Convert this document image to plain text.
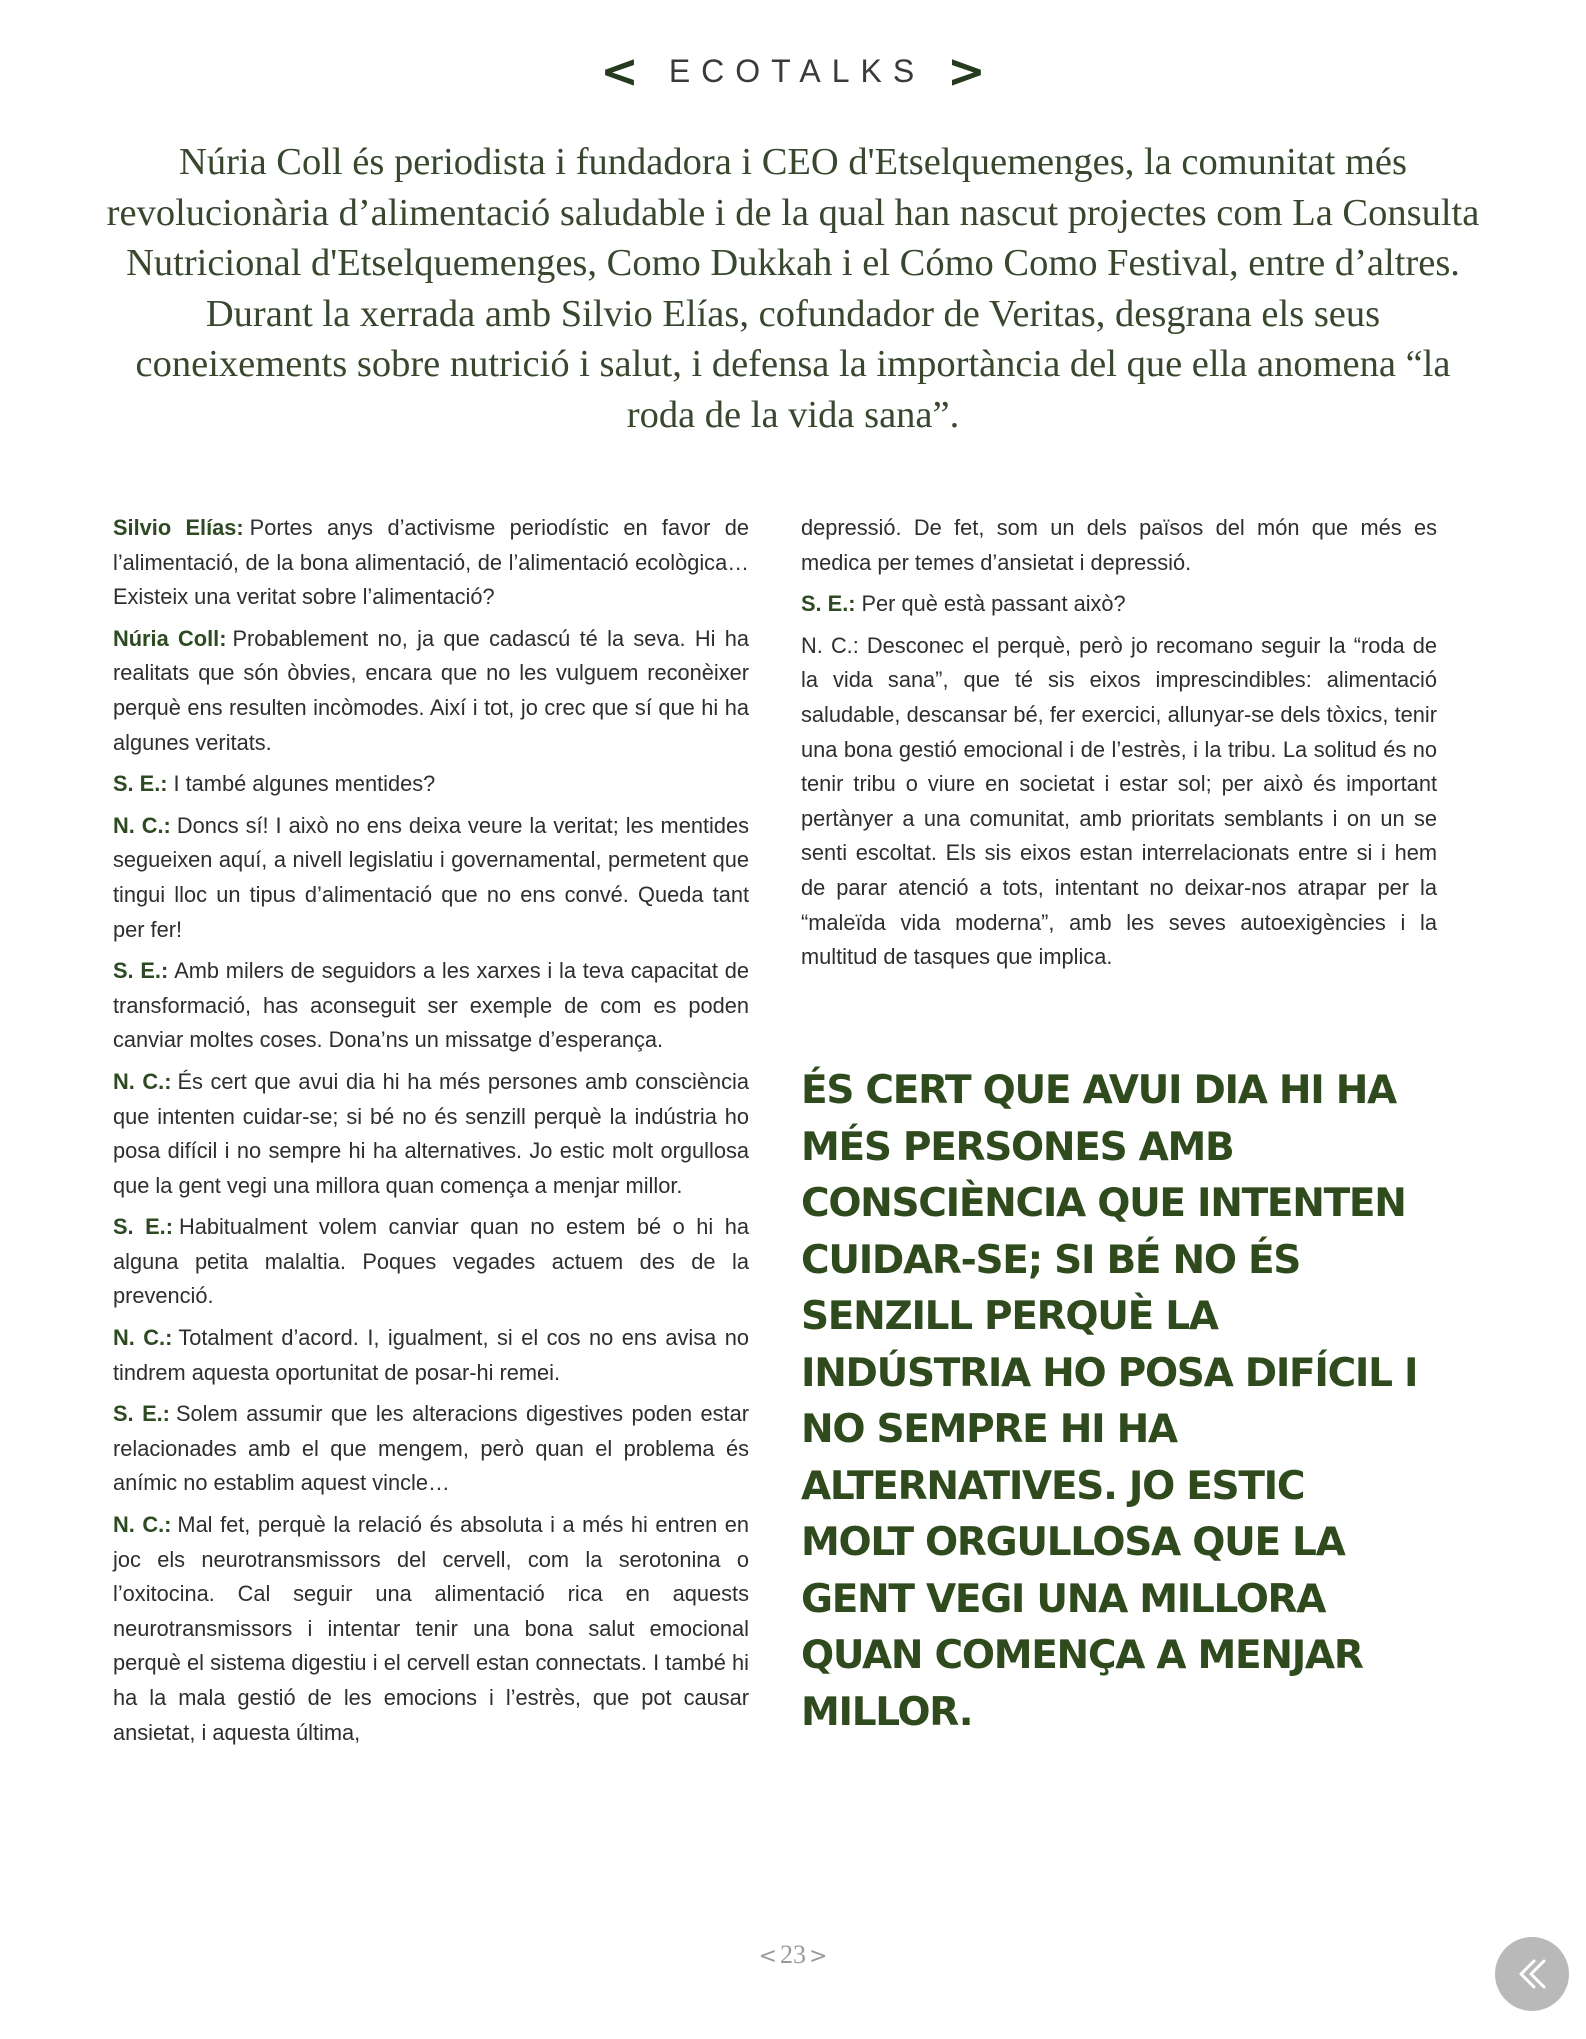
< ECOTALKS >

Núria Coll és periodista i fundadora i CEO d'Etselquemenges, la comunitat més revolucionària d’alimentació saludable i de la qual han nascut projectes com La Consulta Nutricional d'Etselquemenges, Como Dukkah i el Cómo Como Festival, entre d’altres. Durant la xerrada amb Silvio Elías, cofundador de Veritas, desgrana els seus coneixements sobre nutrició i salut, i defensa la importància del que ella anomena “la roda de la vida sana”.

Silvio Elías: Portes anys d’activisme periodístic en favor de l’alimentació, de la bona alimentació, de l’alimentació ecològica… Existeix una veritat sobre l’alimentació?

Núria Coll: Probablement no, ja que cadascú té la seva. Hi ha realitats que són òbvies, encara que no les vulguem reconèixer perquè ens resulten incòmodes. Així i tot, jo crec que sí que hi ha algunes veritats.

S. E.: I també algunes mentides?

N. C.: Doncs sí! I això no ens deixa veure la veritat; les mentides segueixen aquí, a nivell legislatiu i governamental, permetent que tingui lloc un tipus d’alimentació que no ens convé. Queda tant per fer!

S. E.: Amb milers de seguidors a les xarxes i la teva capacitat de transformació, has aconseguit ser exemple de com es poden canviar moltes coses. Dona’ns un missatge d’esperança.

N. C.: És cert que avui dia hi ha més persones amb consciència que intenten cuidar-se; si bé no és senzill perquè la indústria ho posa difícil i no sempre hi ha alternatives. Jo estic molt orgullosa que la gent vegi una millora quan comença a menjar millor.

S. E.: Habitualment volem canviar quan no estem bé o hi ha alguna petita malaltia. Poques vegades actuem des de la prevenció.

N. C.: Totalment d’acord. I, igualment, si el cos no ens avisa no tindrem aquesta oportunitat de posar-hi remei.

S. E.: Solem assumir que les alteracions digestives poden estar relacionades amb el que mengem, però quan el problema és anímic no establim aquest vincle…

N. C.: Mal fet, perquè la relació és absoluta i a més hi entren en joc els neurotransmissors del cervell, com la serotonina o l’oxitocina. Cal seguir una alimentació rica en aquests neurotransmissors i intentar tenir una bona salut emocional perquè el sistema digestiu i el cervell estan connectats. I també hi ha la mala gestió de les emocions i l’estrès, que pot causar ansietat, i aquesta última,

depressió. De fet, som un dels països del món que més es medica per temes d’ansietat i depressió.

S. E.: Per què està passant això?

N. C.: Desconec el perquè, però jo recomano seguir la “roda de la vida sana”, que té sis eixos imprescindibles: alimentació saludable, descansar bé, fer exercici, allunyar-se dels tòxics, tenir una bona gestió emocional i de l’estrès, i la tribu. La solitud és no tenir tribu o viure en societat i estar sol; per això és important pertànyer a una comunitat, amb prioritats semblants i on un se senti escoltat. Els sis eixos estan interrelacionats entre si i hem de parar atenció a tots, intentant no deixar-nos atrapar per la “maleïda vida moderna”, amb les seves autoexigències i la multitud de tasques que implica.

ÉS CERT QUE AVUI DIA HI HA MÉS PERSONES AMB CONSCIÈNCIA QUE INTENTEN CUIDAR-SE; SI BÉ NO ÉS SENZILL PERQUÈ LA INDÚSTRIA HO POSA DIFÍCIL I NO SEMPRE HI HA ALTERNATIVES. JO ESTIC MOLT ORGULLOSA QUE LA GENT VEGI UNA MILLORA QUAN COMENÇA A MENJAR MILLOR.
< 23 >
